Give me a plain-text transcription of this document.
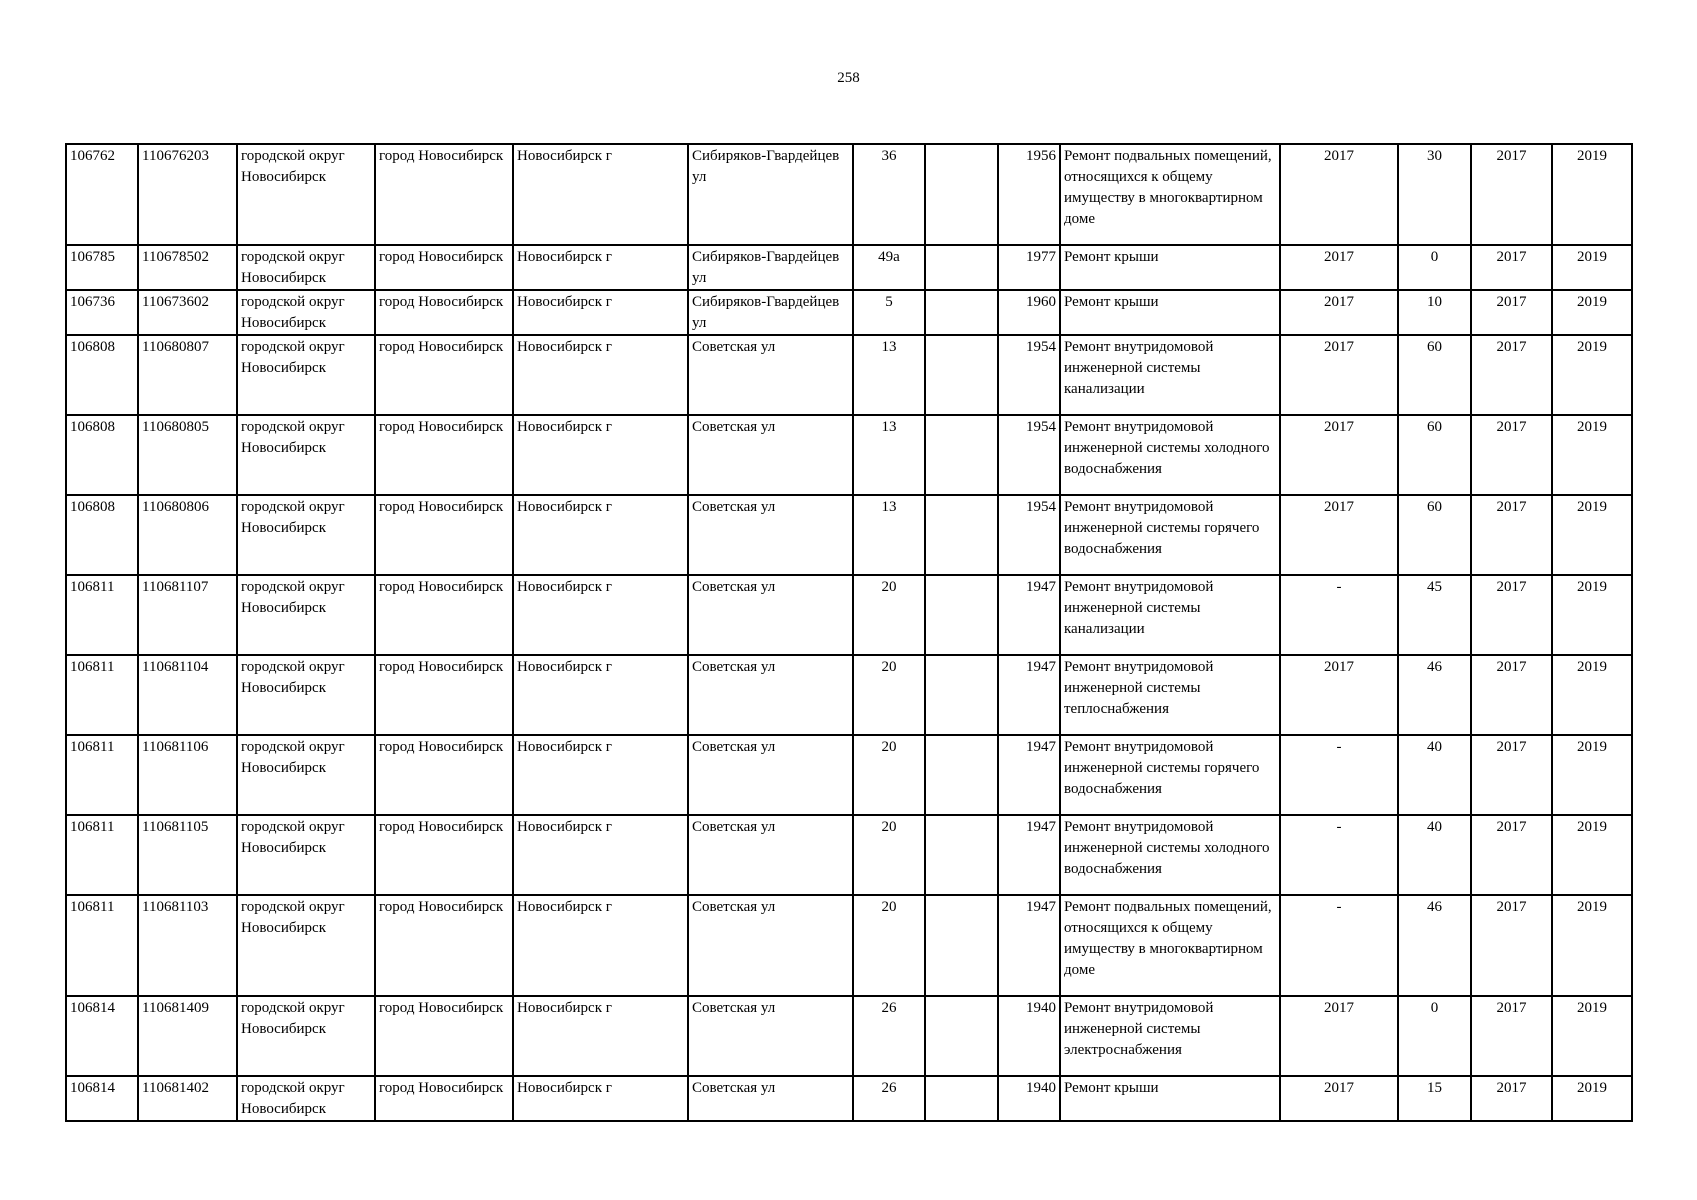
258
106762	110676203	городской округ Новосибирск	город Новосибирск	Новосибирск г	Сибиряков-Гвардейцев ул	36		1956	Ремонт подвальных помещений, относящихся к общему имуществу в многоквартирном доме	2017	30	2017	2019
106785	110678502	городской округ Новосибирск	город Новосибирск	Новосибирск г	Сибиряков-Гвардейцев ул	49а		1977	Ремонт крыши	2017	0	2017	2019
106736	110673602	городской округ Новосибирск	город Новосибирск	Новосибирск г	Сибиряков-Гвардейцев ул	5		1960	Ремонт крыши	2017	10	2017	2019
106808	110680807	городской округ Новосибирск	город Новосибирск	Новосибирск г	Советская ул	13		1954	Ремонт внутридомовой инженерной системы канализации	2017	60	2017	2019
106808	110680805	городской округ Новосибирск	город Новосибирск	Новосибирск г	Советская ул	13		1954	Ремонт внутридомовой инженерной системы холодного водоснабжения	2017	60	2017	2019
106808	110680806	городской округ Новосибирск	город Новосибирск	Новосибирск г	Советская ул	13		1954	Ремонт внутридомовой инженерной системы горячего водоснабжения	2017	60	2017	2019
106811	110681107	городской округ Новосибирск	город Новосибирск	Новосибирск г	Советская ул	20		1947	Ремонт внутридомовой инженерной системы канализации	-	45	2017	2019
106811	110681104	городской округ Новосибирск	город Новосибирск	Новосибирск г	Советская ул	20		1947	Ремонт внутридомовой инженерной системы теплоснабжения	2017	46	2017	2019
106811	110681106	городской округ Новосибирск	город Новосибирск	Новосибирск г	Советская ул	20		1947	Ремонт внутридомовой инженерной системы горячего водоснабжения	-	40	2017	2019
106811	110681105	городской округ Новосибирск	город Новосибирск	Новосибирск г	Советская ул	20		1947	Ремонт внутридомовой инженерной системы холодного водоснабжения	-	40	2017	2019
106811	110681103	городской округ Новосибирск	город Новосибирск	Новосибирск г	Советская ул	20		1947	Ремонт подвальных помещений, относящихся к общему имуществу в многоквартирном доме	-	46	2017	2019
106814	110681409	городской округ Новосибирск	город Новосибирск	Новосибирск г	Советская ул	26		1940	Ремонт внутридомовой инженерной системы электроснабжения	2017	0	2017	2019
106814	110681402	городской округ Новосибирск	город Новосибирск	Новосибирск г	Советская ул	26		1940	Ремонт крыши	2017	15	2017	2019
